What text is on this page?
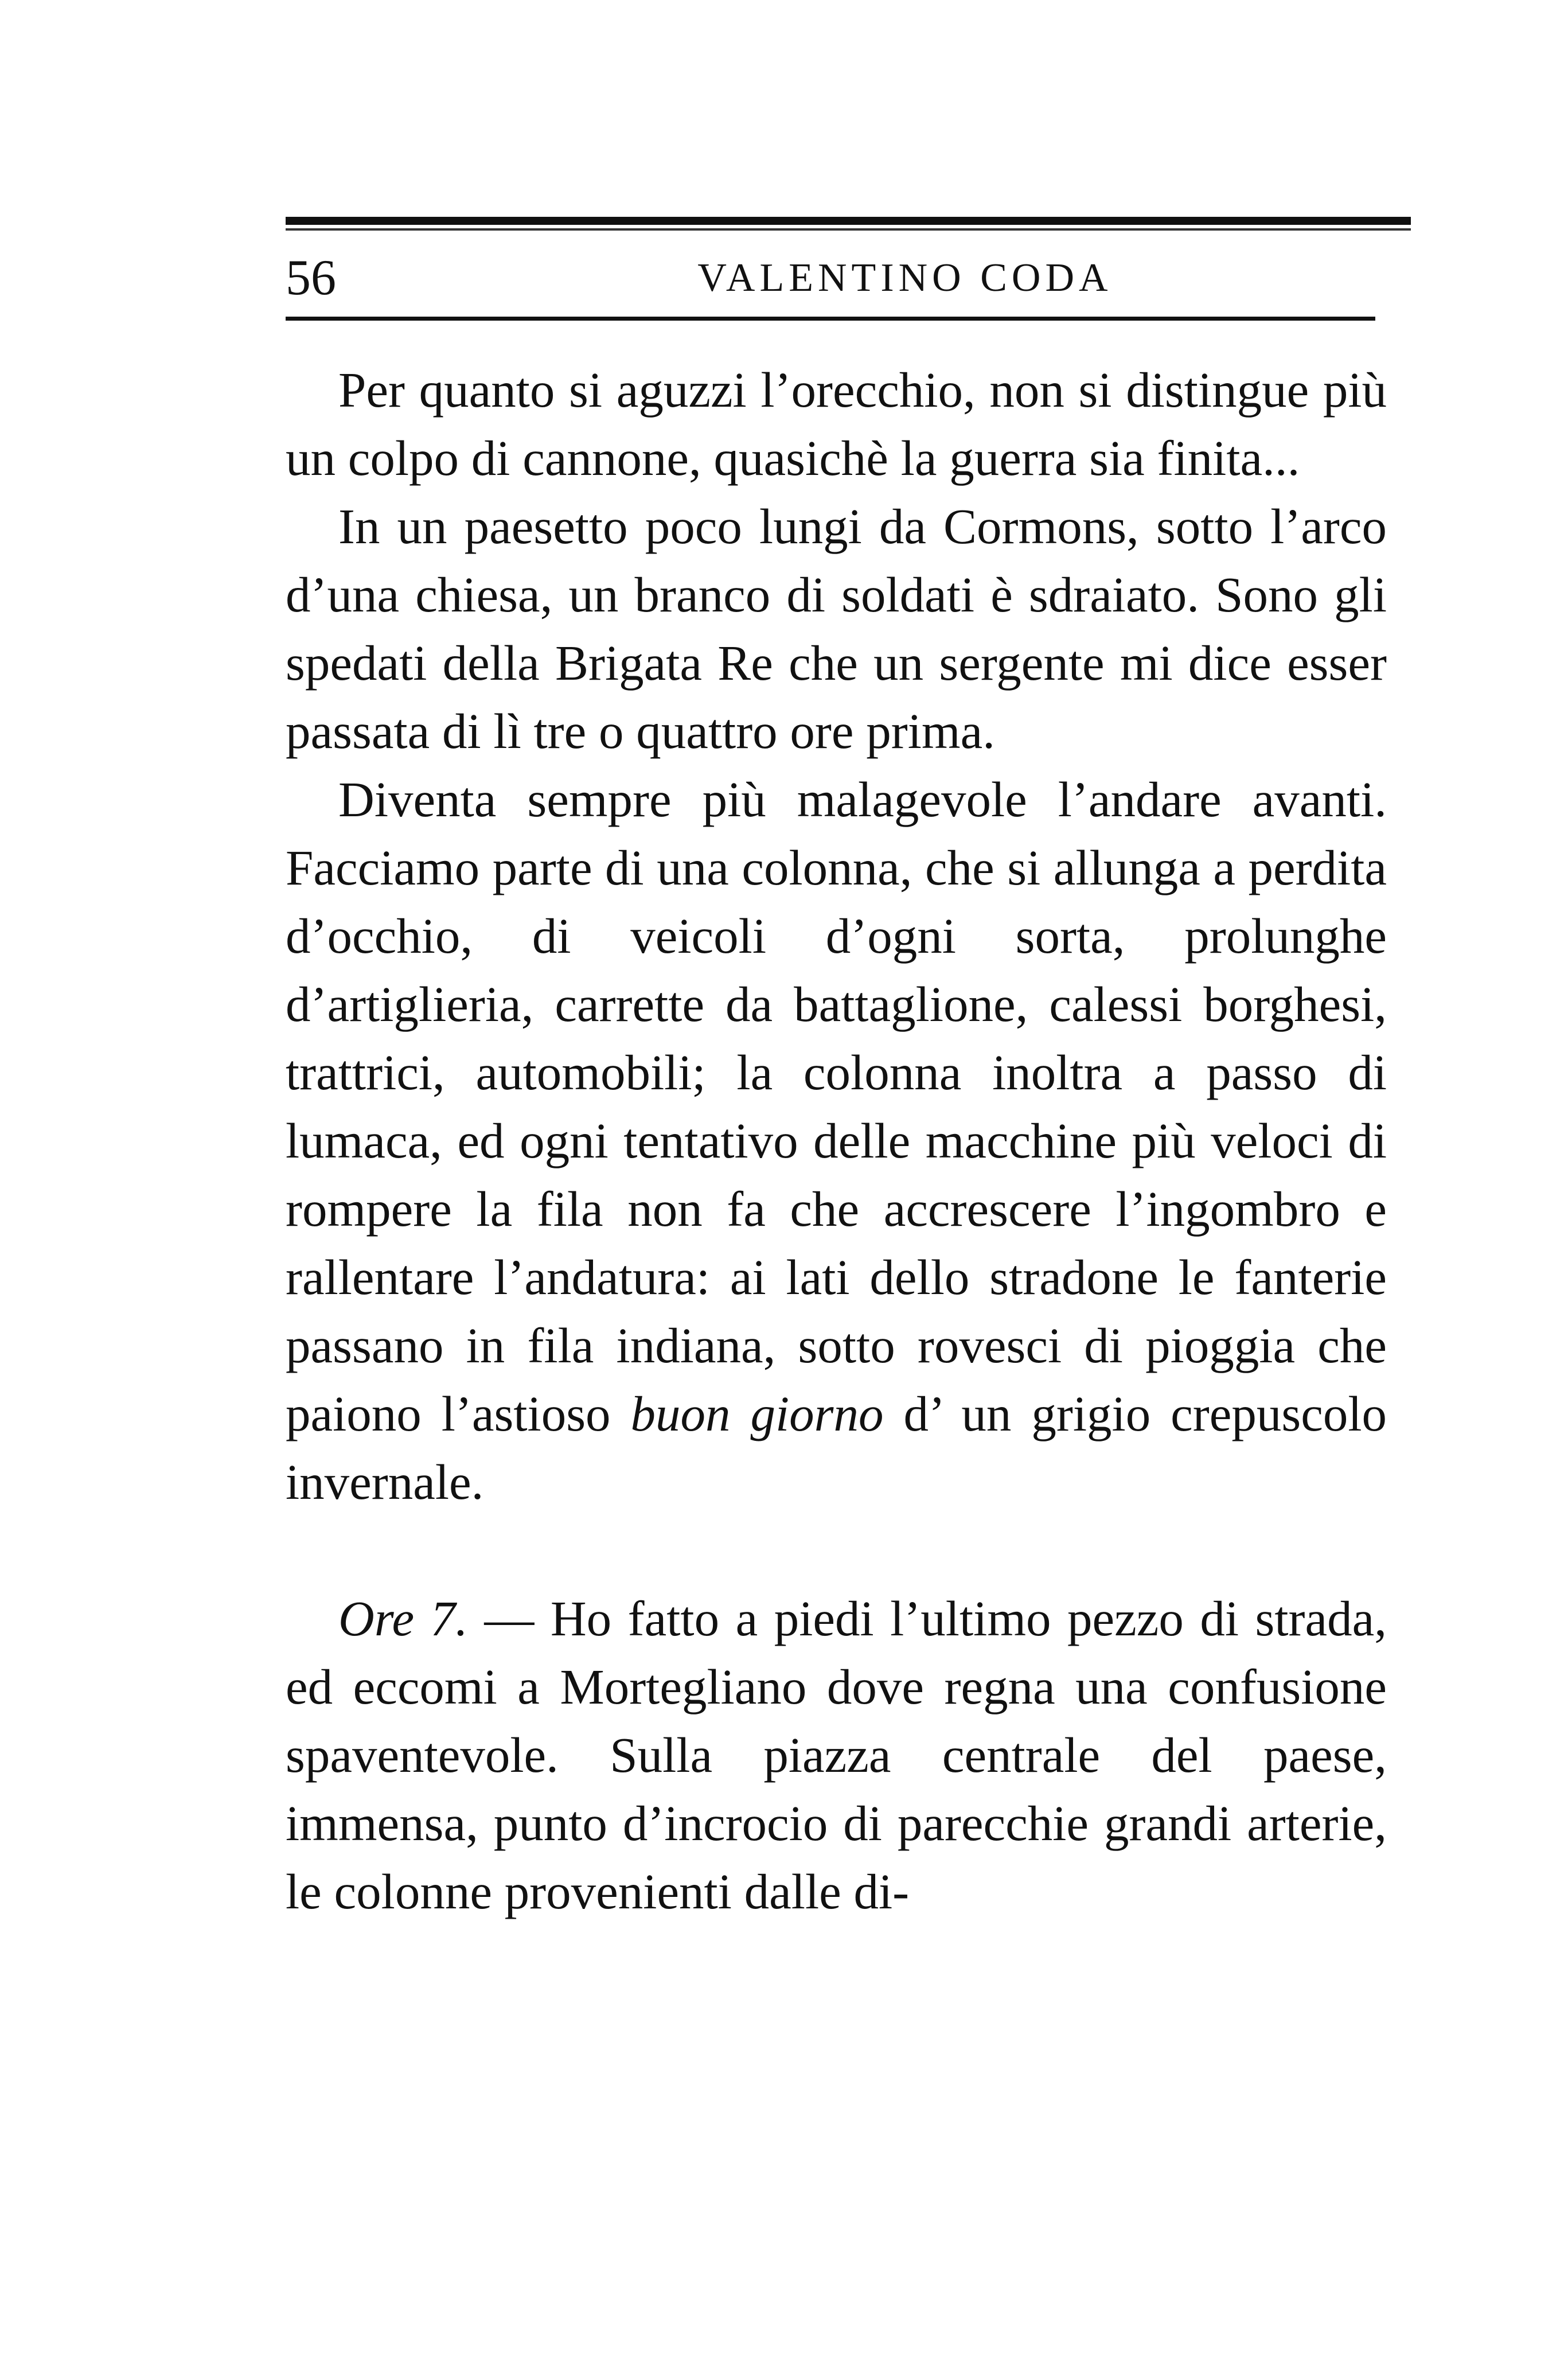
56	VALENTINO CODA

Per quanto si aguzzi l’orecchio, non si distingue più un colpo di cannone, quasichè la guerra sia finita...

In un paesetto poco lungi da Cormons, sotto l’arco d’una chiesa, un branco di soldati è sdraiato. Sono gli spedati della Brigata Re che un sergente mi dice esser passata di lì tre o quattro ore prima.

Diventa sempre più malagevole l’andare avanti. Facciamo parte di una colonna, che si allunga a perdita d’occhio, di veicoli d’ogni sorta, prolunghe d’artiglieria, carrette da battaglione, calessi borghesi, trattrici, automobili; la colonna inoltra a passo di lumaca, ed ogni tentativo delle macchine più veloci di rompere la fila non fa che accrescere l’ingombro e rallentare l’andatura: ai lati dello stradone le fanterie passano in fila indiana, sotto rovesci di pioggia che paiono l’astioso buon giorno d’ un grigio crepuscolo invernale.

Ore 7. — Ho fatto a piedi l’ultimo pezzo di strada, ed eccomi a Mortegliano dove regna una confusione spaventevole. Sulla piazza centrale del paese, immensa, punto d’incrocio di parecchie grandi arterie, le colonne provenienti dalle di-
